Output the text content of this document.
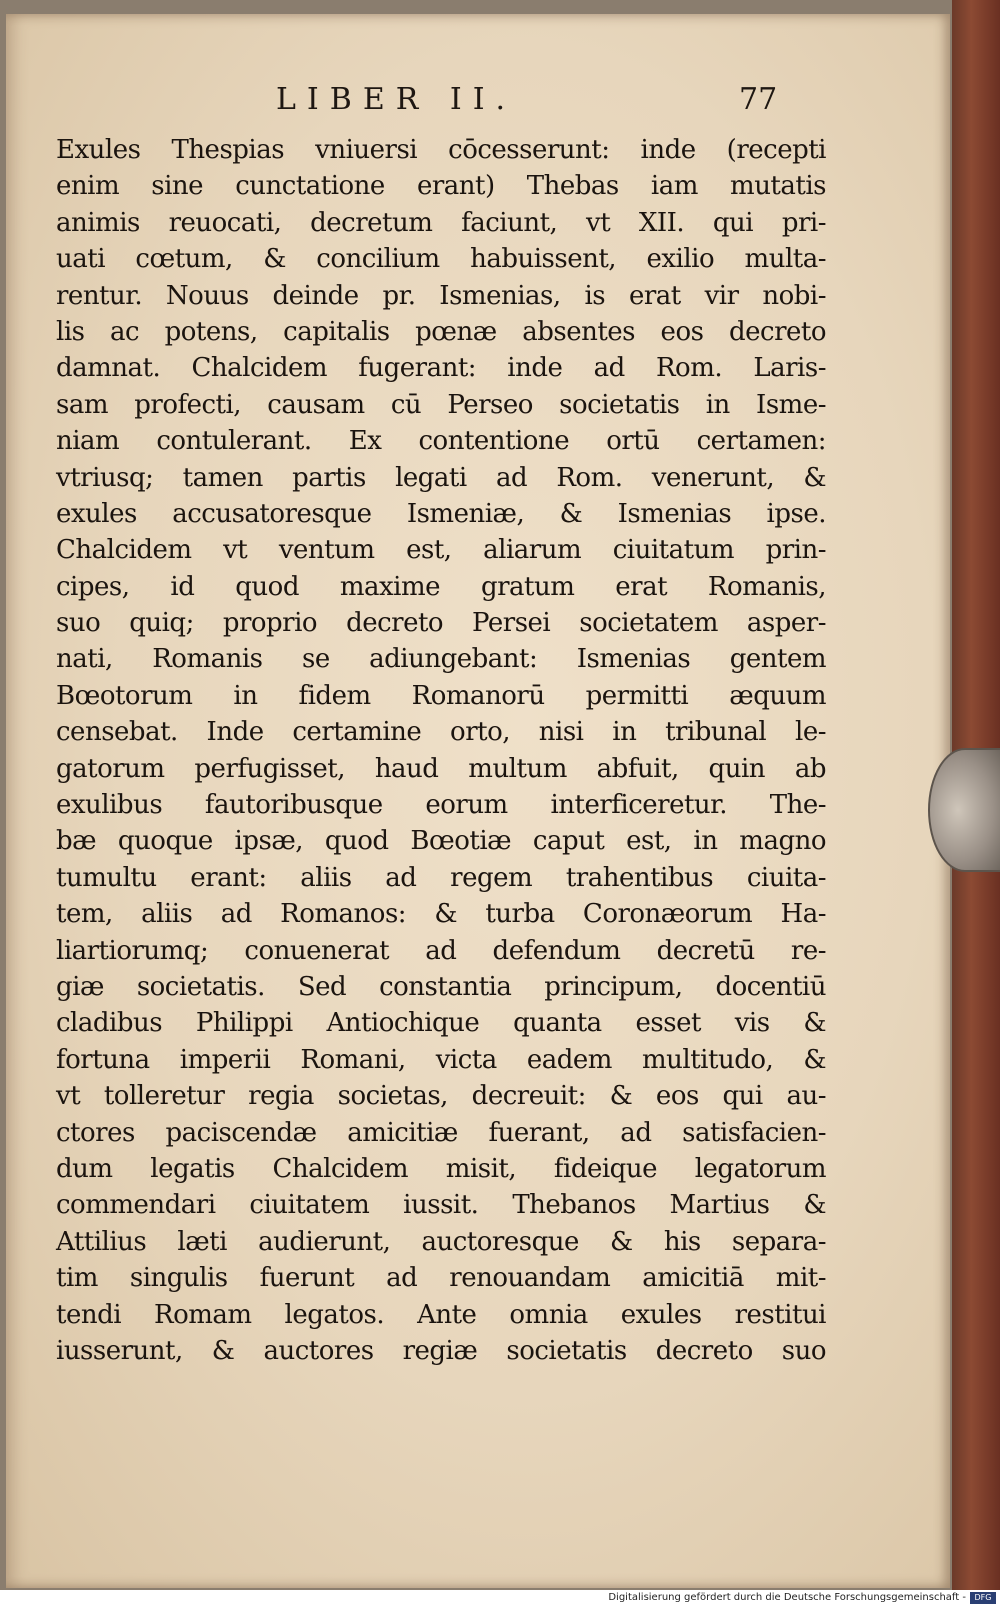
LIBER II.	77
Exules Thespias vniuersi cōcesserunt: inde (recepti
enim sine cunctatione erant) Thebas iam mutatis
animis reuocati, decretum faciunt, vt XII. qui pri-
uati cœtum, & concilium habuissent, exilio multa-
rentur. Nouus deinde pr. Ismenias, is erat vir nobi-
lis ac potens, capitalis pœnæ absentes eos decreto
damnat. Chalcidem fugerant: inde ad Rom. Laris-
sam profecti, causam cū Perseo societatis in Isme-
niam contulerant. Ex contentione ortū certamen:
vtriusq; tamen partis legati ad Rom. venerunt, &
exules accusatoresque Ismeniæ, & Ismenias ipse.
Chalcidem vt ventum est, aliarum ciuitatum prin-
cipes, id quod maxime gratum erat Romanis,
suo quiq; proprio decreto Persei societatem asper-
nati, Romanis se adiungebant: Ismenias gentem
Bœotorum in fidem Romanorū permitti æquum
censebat. Inde certamine orto, nisi in tribunal le-
gatorum perfugisset, haud multum abfuit, quin ab
exulibus fautoribusque eorum interficeretur. The-
bæ quoque ipsæ, quod Bœotiæ caput est, in magno
tumultu erant: aliis ad regem trahentibus ciuita-
tem, aliis ad Romanos: & turba Coronæorum Ha-
liartiorumq; conuenerat ad defendum decretū re-
giæ societatis. Sed constantia principum, docentiū
cladibus Philippi Antiochique quanta esset vis &
fortuna imperii Romani, victa eadem multitudo, &
vt tolleretur regia societas, decreuit: & eos qui au-
ctores paciscendæ amicitiæ fuerant, ad satisfacien-
dum legatis Chalcidem misit, fideique legatorum
commendari ciuitatem iussit. Thebanos Martius &
Attilius læti audierunt, auctoresque & his separa-
tim singulis fuerunt ad renouandam amicitiā mit-
tendi Romam legatos. Ante omnia exules restitui
iusserunt, & auctores regiæ societatis decreto suo
Digitalisierung gefördert durch die Deutsche Forschungsgemeinschaft -	DFG
